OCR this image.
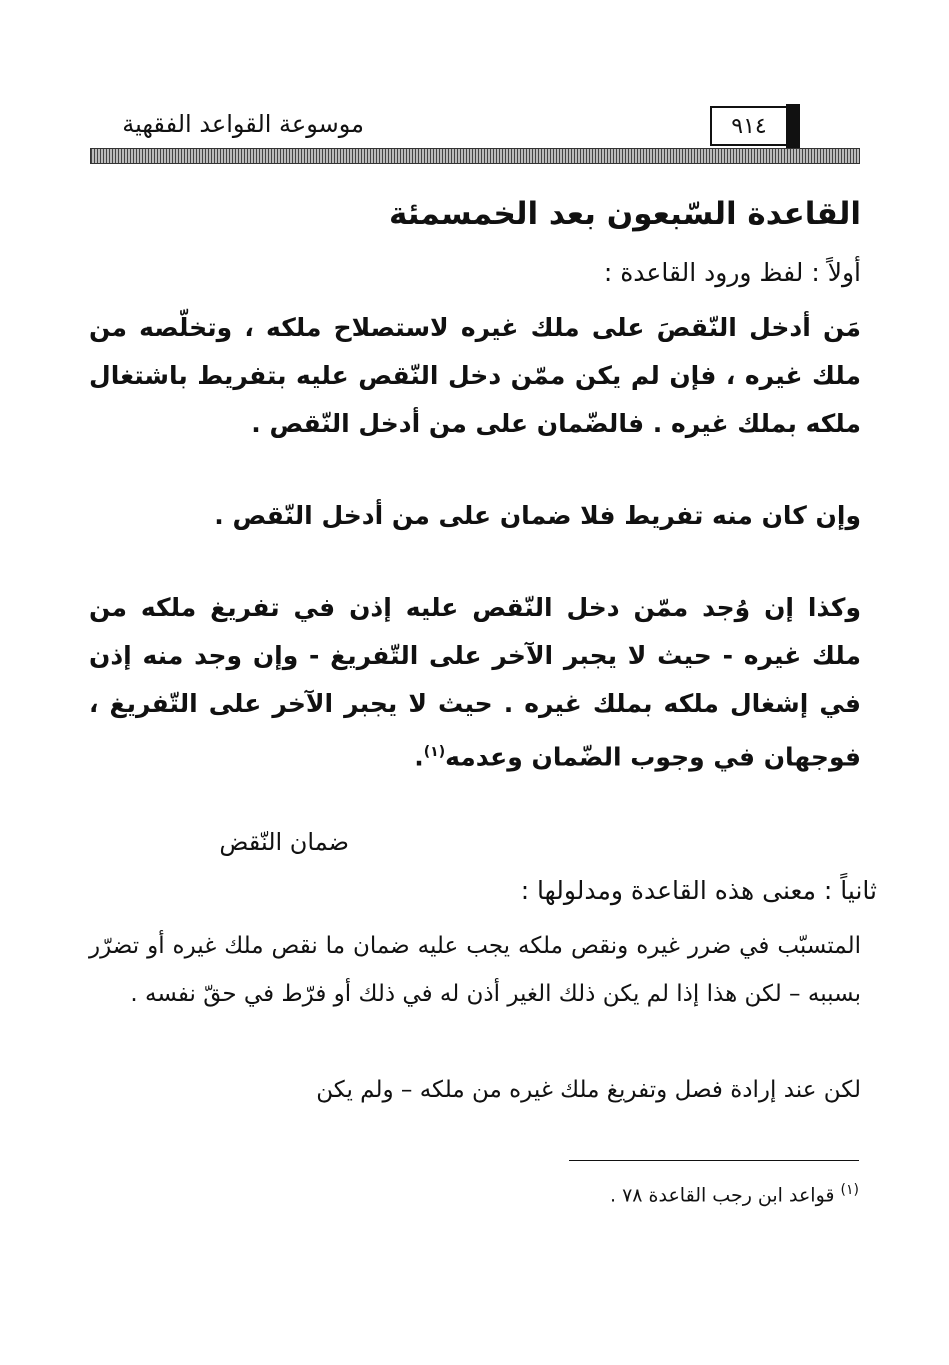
٩١٤
موسوعة القواعد الفقهية
القاعدة السّبعون بعد الخمسمئة
أولاً : لفظ ورود القاعدة :
مَن أدخل النّقصَ على ملك غيره لاستصلاح ملكه ، وتخلّصه من ملك غيره ، فإن لم يكن ممّن دخل النّقص عليه بتفريط باشتغال ملكه بملك غيره . فالضّمان على من أدخل النّقص .
وإن كان منه تفريط فلا ضمان على من أدخل النّقص .
وكذا إن وُجد ممّن دخل النّقص عليه إذن في تفريغ ملكه من ملك غيره - حيث لا يجبر الآخر على التّفريغ - وإن وجد منه إذن في إشغال ملكه بملك غيره . حيث لا يجبر الآخر على التّفريغ ، فوجهان في وجوب الضّمان وعدمه$^{(١)}$.
ضمان النّقض
ثانياً : معنى هذه القاعدة ومدلولها :
المتسبّب في ضرر غيره ونقص ملكه يجب عليه ضمان ما نقص ملك غيره أو تضرّر بسببه – لكن هذا إذا لم يكن ذلك الغير أذن له في ذلك أو فرّط في حقّ نفسه .
لكن عند إرادة فصل وتفريغ ملك غيره من ملكه – ولم يكن
$^{(١)}$ قواعد ابن رجب القاعدة ٧٨ .
